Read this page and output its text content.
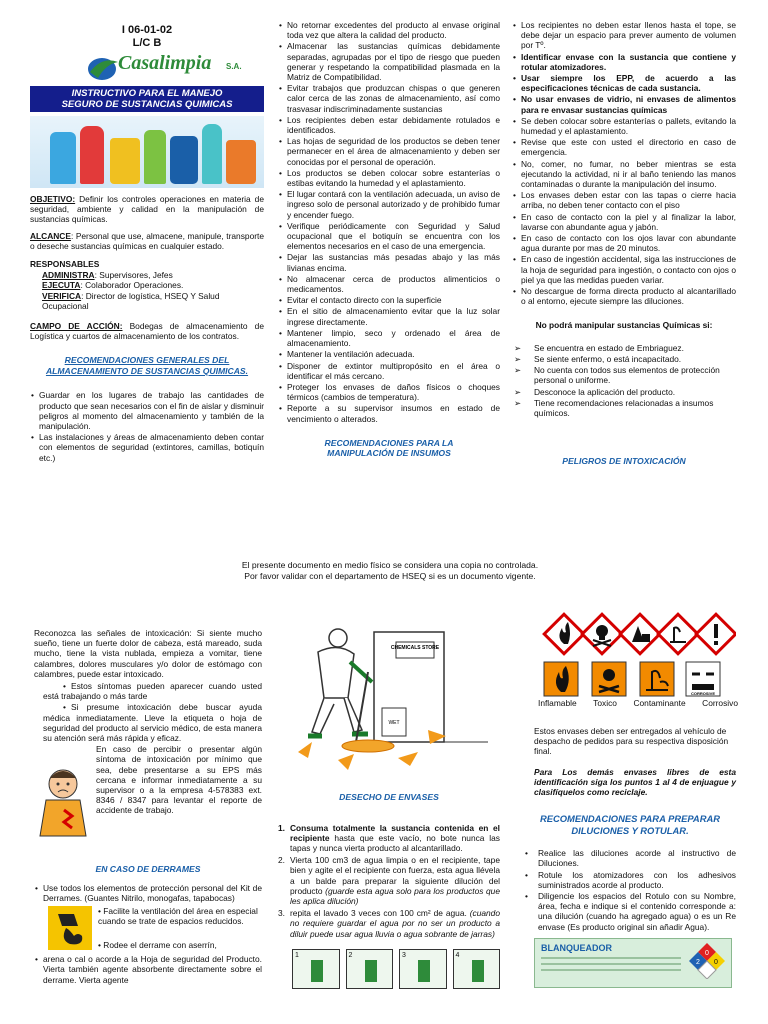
I 06-01-02
L/C B
Casalimpia S.A.
INSTRUCTIVO PARA EL MANEJO
SEGURO DE SUSTANCIAS QUIMICAS

OBJETIVO: Definir los controles operaciones en materia de seguridad, ambiente y calidad en la manipulación de sustancias químicas.

ALCANCE: Personal que use, almacene, manipule, transporte o deseche sustancias químicas en cualquier estado.

RESPONSABLES

ADMINISTRA: Supervisores, Jefes
EJECUTA: Colaborador Operaciones.
VERIFICA: Director de logística, HSEQ Y Salud Ocupacional

CAMPO DE ACCIÓN: Bodegas de almacenamiento de Logística y cuartos de almacenamiento de los contratos.

RECOMENDACIONES GENERALES DEL ALMACENAMIENTO DE SUSTANCIAS QUIMICAS.
• Guardar en los lugares de trabajo las cantidades de producto que sean necesarios con el fin de aislar y disminuir peligros al momento del almacenamiento y también de la manipulación.
• Las instalaciones y áreas de almacenamiento deben contar con elementos de seguridad (extintores, camillas, botiquín etc.)
• No retornar excedentes del producto al envase original toda vez que altera la calidad del producto.
• Almacenar las sustancias químicas debidamente separadas, agrupadas por el tipo de riesgo que pueden generar y respetando la compatibilidad plasmada en la Matriz de Compatibilidad.
• Evitar trabajos que produzcan chispas o que generen calor cerca de las zonas de almacenamiento, así como trasvasar indiscriminadamente sustancias
• Los recipientes deben estar debidamente rotulados e identificados.
• Las hojas de seguridad de los productos se deben tener permanecer en el área de almacenamiento y deben ser conocidas por el personal de operación.
• Los productos se deben colocar sobre estanterías o estibas evitando la humedad y el aplastamiento.
• El lugar contará con la ventilación adecuada, un aviso de ingreso solo de personal autorizado y de prohibido fumar y encender fuego.
• Verifique periódicamente con Seguridad y Salud ocupacional que el botiquín se encuentra con los elementos necesarios en el caso de una emergencia.
• Dejar las sustancias más pesadas abajo y las más livianas encima.
• No almacenar cerca de productos alimenticios o medicamentos.
• Evitar el contacto directo con la superficie
• En el sitio de almacenamiento evitar que la luz solar ingrese directamente.
• Mantener limpio, seco y ordenado el área de almacenamiento.
• Mantener la ventilación adecuada.
• Disponer de extintor multipropósito en el área o identificar el más cercano.
• Proteger los envases de daños físicos o choques térmicos (cambios de temperatura).
• Reporte a su supervisor insumos en estado de vencimiento o alterados.
RECOMENDACIONES PARA LA MANIPULACIÓN DE INSUMOS
• Los recipientes no deben estar llenos hasta el tope, se debe dejar un espacio para prever aumento de volumen por Tº.
• Identificar envase con la sustancia que contiene y rotular atomizadores.
• Usar siempre los EPP, de acuerdo a las especificaciones técnicas de cada sustancia.
• No usar envases de vidrio, ni envases de alimentos para re envasar sustancias químicas
• Se deben colocar sobre estanterías o pallets, evitando la humedad y el aplastamiento.
• Revise que este con usted el directorio en caso de emergencia.
• No, comer, no fumar, no beber mientras se esta ejecutando la actividad, ni ir al baño teniendo las manos contaminadas o durante la manipulación del insumo.
• Los envases deben estar con las tapas o cierre hacia arriba, no deben tener contacto con el piso
• En caso de contacto con la piel y al finalizar la labor, lavarse con abundante agua y jabón.
• En caso de contacto con los ojos lavar con abundante agua durante por mas de 20 minutos.
• En caso de ingestión accidental, siga las instrucciones de la hoja de seguridad para ingestión, o contacto con ojos o piel ya que las medidas pueden variar.
• No descargue de forma directa producto al alcantarillado o al entorno, ejecute siempre las diluciones.
No podrá manipular sustancias Químicas si:
➢ Se encuentra en estado de Embriaguez.
➢ Se siente enfermo, o está incapacitado.
➢ No cuenta con todos sus elementos de protección personal o uniforme.
➢ Desconoce la aplicación del producto.
➢ Tiene recomendaciones relacionadas a insumos químicos.
PELIGROS DE INTOXICACIÓN
El presente documento en medio físico se considera una copia no controlada.
Por favor validar con el departamento de HSEQ si es un documento vigente.

Reconozca las señales de intoxicación: Si siente mucho sueño, tiene un fuerte dolor de cabeza, está mareado, suda mucho, tiene la vista nublada, empieza a vomitar, tiene calambres, dolores musculares y/o dolor de estómago con calambres, puede estar intoxicado.

• Estos síntomas pueden aparecer cuando usted está trabajando o más tarde
• Si presume intoxicación debe buscar ayuda médica inmediatamente. Lleve la etiqueta o hoja de seguridad del producto al servicio médico, de esta manera su atención será más rápida y eficaz.
En caso de percibir o presentar algún síntoma de intoxicación por mínimo que sea, debe presentarse a su EPS más cercana e informar inmediatamente a su supervisor o a la empresa 4-578383 ext. 8346 / 8347 para levantar el reporte de accidente de trabajo.
EN CASO DE DERRAMES
• Use todos los elementos de protección personal del Kit de Derrames. (Guantes Nitrilo, monogafas, tapabocas)
• Facilite la ventilación del área en especial cuando se trate de espacios reducidos.
• Rodee el derrame con aserrín,
• arena o cal o acorde a la Hoja de seguridad del Producto. Vierta también agente absorbente directamente sobre el derrame. Vierta agente
CHEMICALS STORE
WET
DESECHO DE ENVASES
1. Consuma totalmente la sustancia contenida en el recipiente hasta que este vacío, no bote nunca las tapas y nunca vierta producto al alcantarillado.
2. Vierta 100 cm3 de agua limpia o en el recipiente, tape bien y agite el el recipiente con fuerza, esta agua llévela a un balde para preparar la siguiente dilución del producto (guarde esta agua solo para los productos que les aplica dilución)
3. repita el lavado 3 veces con 100 cm² de agua. (cuando no requiere guardar el agua por no ser un producto a diluir puede usar agua lluvia o agua sobrante de jarras)
1	2	3	4
CORROSIVE
Inflamable Toxico Contaminante Corrosivo

Estos envases deben ser entregados al vehículo de despacho de pedidos para su respectiva disposición final.

Para Los demás envases libres de esta identificación siga los puntos 1 al 4 de enjuague y clasifíquelos como reciclaje.

RECOMENDACIONES PARA PREPARAR DILUCIONES Y ROTULAR.
• Realice las diluciones acorde al instructivo de Diluciones.
• Rotule los atomizadores con los adhesivos suministrados acorde al producto.
• Diligencie los espacios del Rotulo con su Nombre, área, fecha e indique si el contenido corresponde a: una dilución (cuando ha agregado agua) o es un Re envase (Es producto original sin añadir Agua).
BLANQUEADOR
2
0
0
